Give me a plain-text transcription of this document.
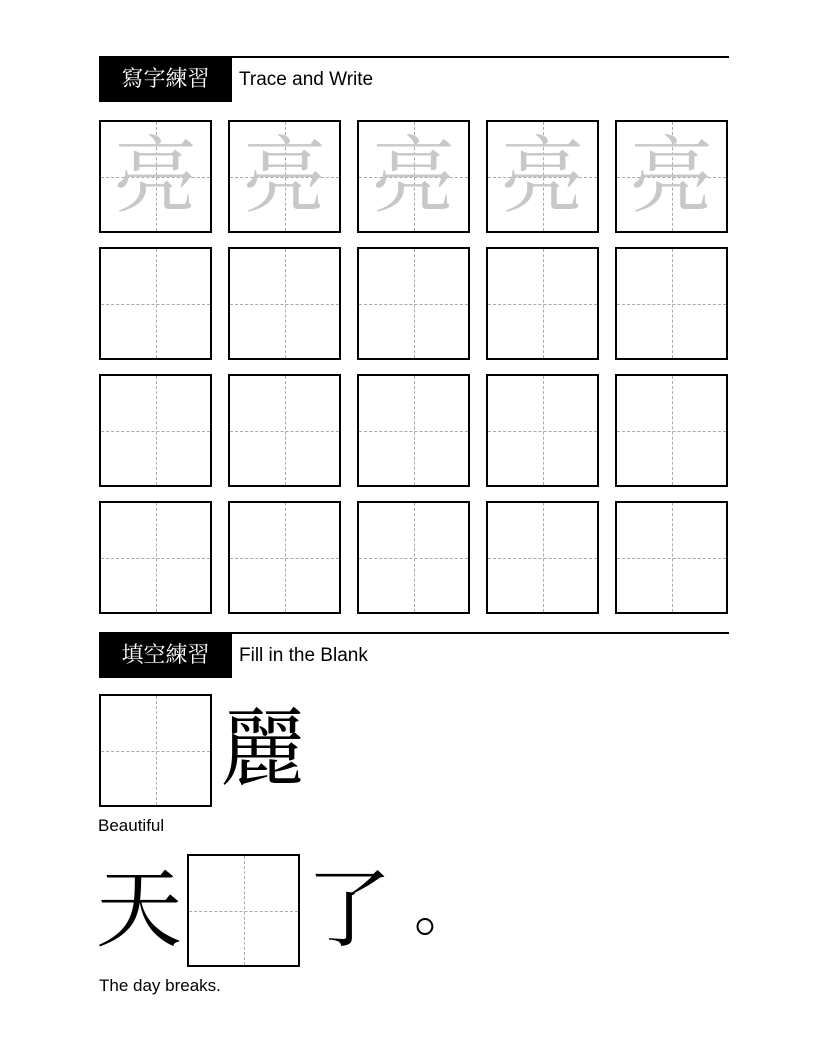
寫字練習	Trace and Write
亮 亮 亮 亮 亮
填空練習	Fill in the Blank
麗
Beautiful
天 了 。
The day breaks.
